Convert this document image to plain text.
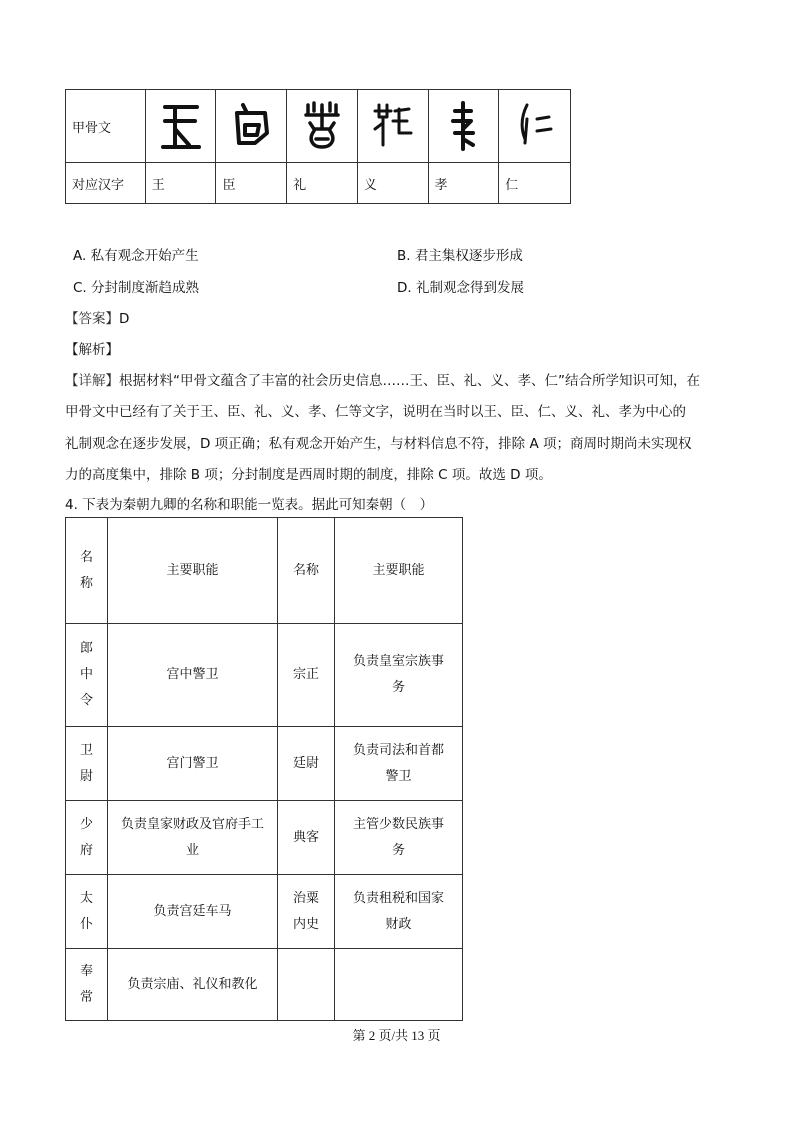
甲骨文	

对应汉字	王	臣	礼	义	孝	仁
A. 私有观念开始产生	B. 君主集权逐步形成
C. 分封制度渐趋成熟	D. 礼制观念得到发展
【答案】D
【解析】
【详解】根据材料“甲骨文蕴含了丰富的社会历史信息……王、臣、礼、义、孝、仁”结合所学知识可知，在
甲骨文中已经有了关于王、臣、礼、义、孝、仁等文字，说明在当时以王、臣、仁、义、礼、孝为中心的
礼制观念在逐步发展，D 项正确；私有观念开始产生，与材料信息不符，排除 A 项；商周时期尚未实现权
力的高度集中，排除 B 项；分封制度是西周时期的制度，排除 C 项。故选 D 项。
4. 下表为秦朝九卿的名称和职能一览表。据此可知秦朝（　）
名称	主要职能	名称	主要职能
郎中令	宫中警卫	宗正	负责皇室宗族事务
卫尉	宫门警卫	廷尉	负责司法和首都警卫
少府	负责皇家财政及官府手工业	典客	主管少数民族事务
太仆	负责宫廷车马	治粟内史	负责租税和国家财政
奉常	负责宗庙、礼仪和教化		
第 2 页/共 13 页
